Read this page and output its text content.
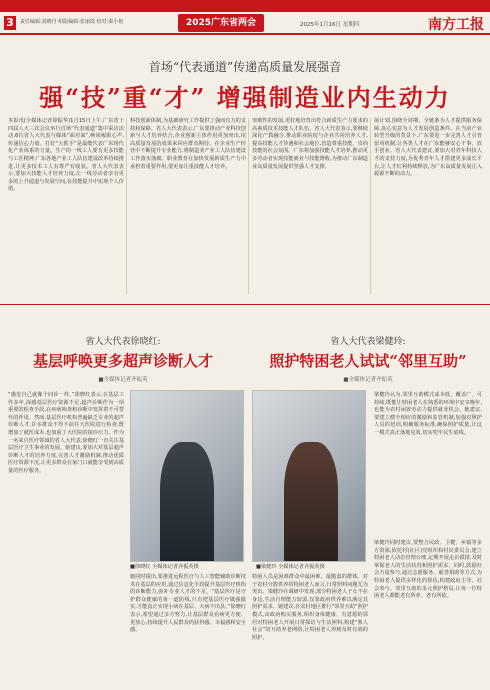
3	责任编辑:刘晓丹 组版编辑:张丽霞 校对:秦小艳	2025广东省两会	2025年1月16日 星期四	南方工报
首场“代表通道”传递高质量发展强音
强“技”重“才” 增强制造业内生动力
本报讯(全媒体记者徐振华)1月15日上午,广东省十四届人大三次会议举行首场“代表通道”集中采访活动,6位省人大代表与媒体“面对面”,畅谈履职心声,传递信心力量。打好“大抓手”是最能代表广东现代化产业体系的力量。生产的一线工人要有更多技能与工匠精神,广东各地产业工人队伍建设改革持续推进,让更多技术工人有尊严有收获。省人大代表表示,要加大技能人才培养力度,让一线劳动者享有更多的上升通道与发展空间,在技能提升中实现个人价值。
科技创新体制,为基础研究工作提供了强而有力的支持和保障。省人大代表表示,广东要推动产业科技创新与人才培养结合,企业创新主体作用更加突出,用高质量发展的成果来回应群众期待。在企业生产经营中不断提升专业能力,将制造业产业工人队伍建设工作落实落细。职业教育在加快发展新质生产力中承担着重要作用,要更加注重技能人才培养。
突破性的发展,更好地培育出符合新质生产力要求的高素质技术技能人才队伍。省人大代表表示,要继续深化产教融合,推动职业院校与企业共同培养人才,提高技能人才待遇和社会地位,营造尊重技能、崇尚技能的社会氛围。广东将加强技能人才培养,推动更多劳动者实现技能就业与技能增收,为推动广东制造业高质量发展提供坚强人才支撑。
展计划,围绕全周期、全链条为人才提供服务保障,真心实意为人才发展创造条件。在当前产业转型升级的背景下,广东要进一步完善人才引育留用机制,让各类人才在广东能够安心干事、放手创业。省人大代表建议,要加大对青年科技人才的支持力度,为优秀青年人才搭建更多成长平台,让人才红利持续释放,为广东高质量发展注入源源不断的动力。
省人大代表徐晓红:
基层呼唤更多超声诊断人才
■全媒体记者齐振英
“感觉自己就像个问诊一样。”徐晓红表示,在基层工作多年,深感基层医疗资源不足,超声诊断作为一项重要的检查手段,在疾病筛查和诊断中发挥着不可替代的作用。然而,基层医疗机构普遍缺乏专业的超声诊断人才,许多群众不得不前往大医院进行检查,既增加了就医成本,也加重了大医院的接诊压力。作为一名来自医疗领域的省人大代表,徐晓红一直关注基层医疗卫生事业的发展。她建议,要加大对基层超声诊断人才的培养力度,完善人才激励机制,推动优质医疗资源下沉,让更多群众在家门口就能享受到高质量的医疗服务。
■徐晓红 全媒体记者齐振英摄
她同时提出,要推进远程医疗与人工智能辅助诊断技术在基层的应用,通过信息化手段提升基层医疗机构的诊断能力,弥补专业人才的不足。“基层医疗是守护群众健康的第一道防线,只有把基层医疗做强做实,才能真正实现小病在基层、大病不出县。”徐晓红表示,希望通过多方努力,让基层群众看病更方便、更放心,持续提升人民群众的获得感、幸福感和安全感。
省人大代表梁健玲:
照护特困老人试试“邻里互助”
■全媒体记者齐振英
■梁健玲 全媒体记者齐振英摄
特困人员是困难群众中最困难、最脆弱的群体。对于农村分散供养的特困老人而言,日常照料问题尤为突出。梁健玲在调研中发现,部分特困老人子女不在身边,生活自理能力较弱,仅靠政府供养难以满足其照护需求。她建议,在农村地区推行“邻里互助”照护模式,由政府购买服务,组织身体健康、有意愿的邻居对特困老人开展日常探访与生活照料,构建“熟人社会”的互助养老网络,让特困老人得到及时有效的照护。
梁健玲认为,邻里互助模式成本低、覆盖广、可持续,既能让特困老人在熟悉的环境中安享晚年,也能为农村闲置劳动力提供就业机会。她建议,要建立健全相应的激励和监管机制,加强对照护人员的培训,明确服务标准,确保照护质量,让这一模式真正落地见效,切实兜牢民生底线。
梁健玲同时建议,要整合民政、卫健、乡镇等多方资源,依托村(社区)党组织和村民委员会,建立特困老人动态管理台账,定期开展走访摸排,及时掌握老人的生活状况和照护需求。同时,鼓励社会力量参与,通过志愿服务、慈善捐助等方式,为特困老人提供多样化的帮扶,构建政府主导、社会参与、邻里互助的多元照护格局,让每一位特困老人都能老有所养、老有所依。
